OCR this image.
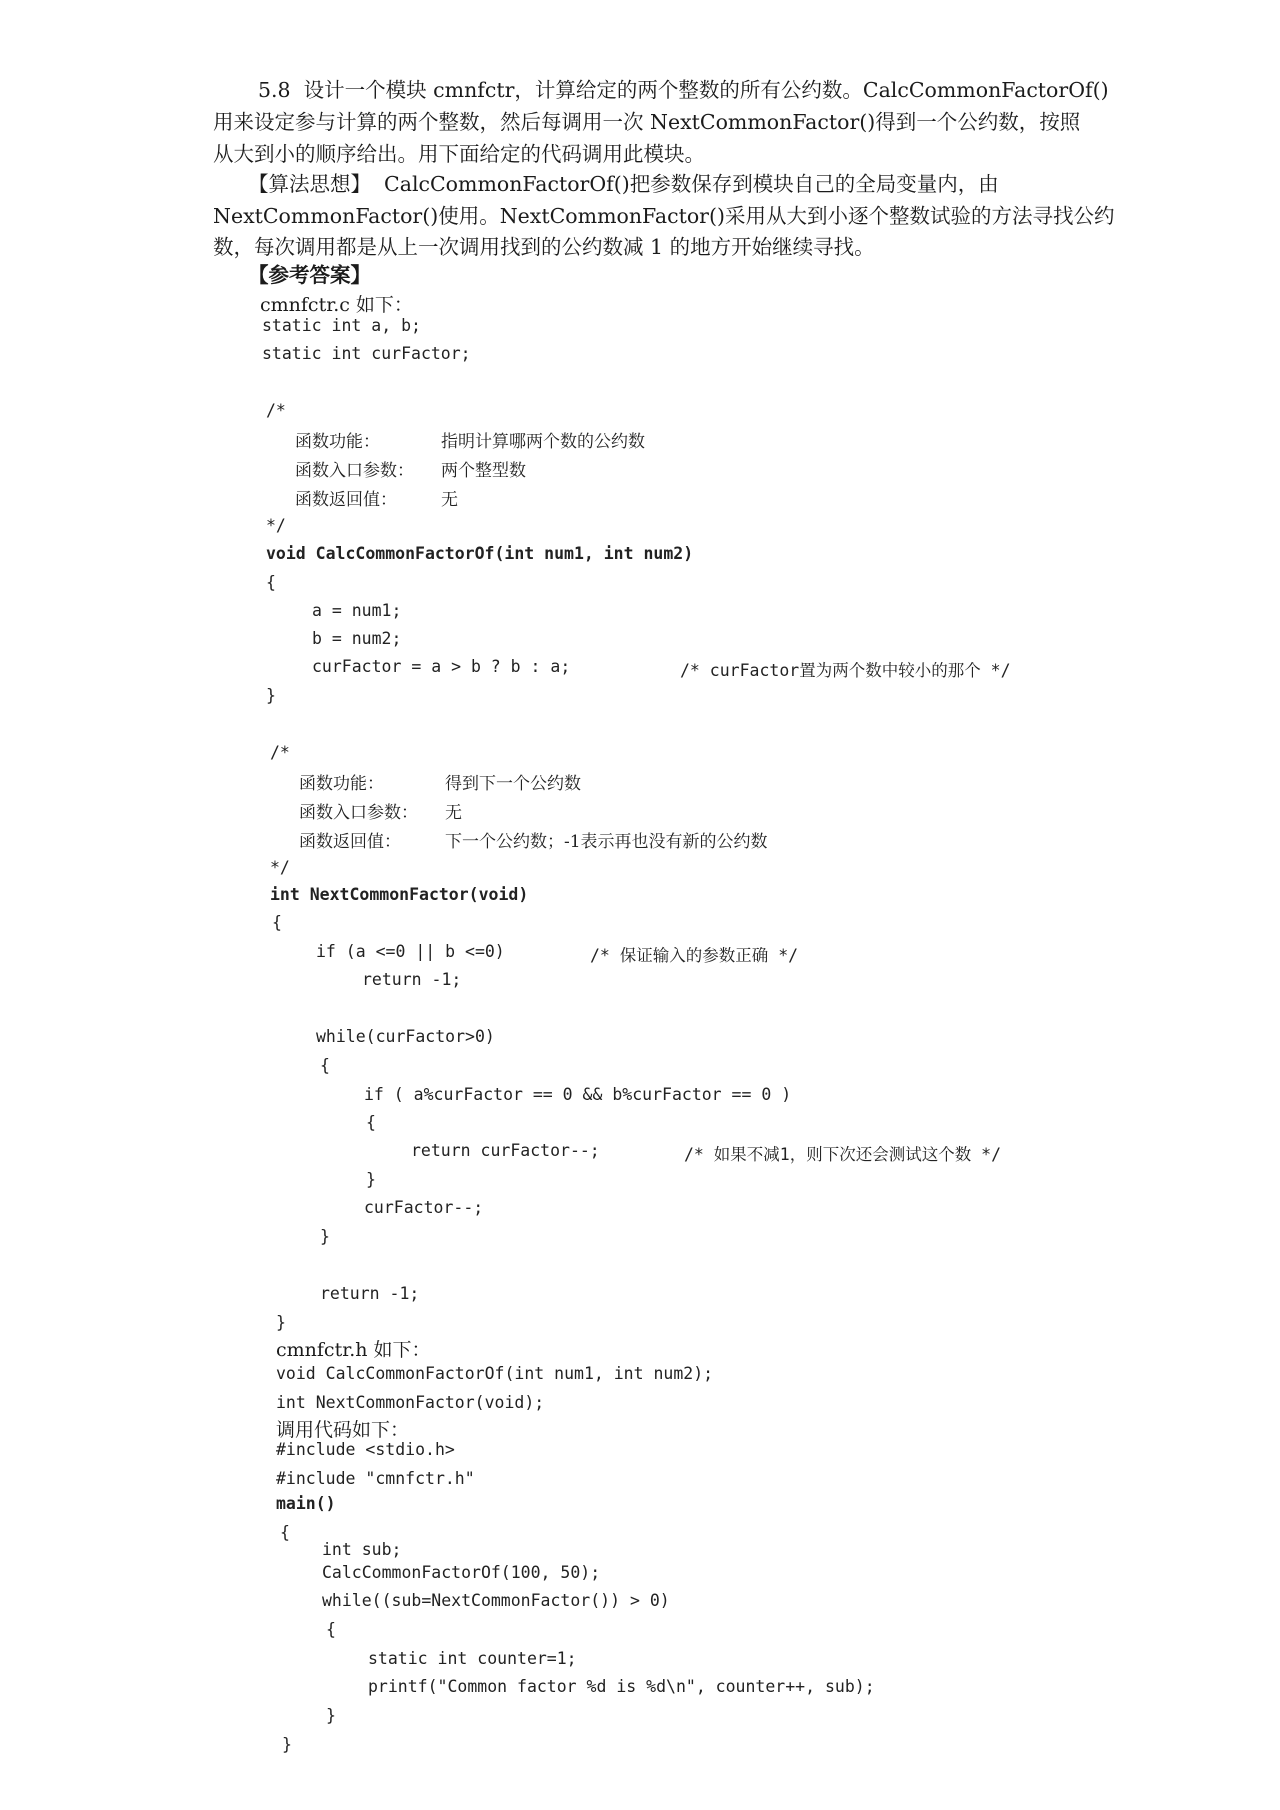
5.8  设计一个模块 cmnfctr，计算给定的两个整数的所有公约数。CalcCommonFactorOf()
用来设定参与计算的两个整数，然后每调用一次 NextCommonFactor()得到一个公约数，按照
从大到小的顺序给出。用下面给定的代码调用此模块。
【算法思想】  CalcCommonFactorOf()把参数保存到模块自己的全局变量内，由
NextCommonFactor()使用。NextCommonFactor()采用从大到小逐个整数试验的方法寻找公约
数，每次调用都是从上一次调用找到的公约数减 1 的地方开始继续寻找。
【参考答案】
cmnfctr.c 如下：
static int a, b;
static int curFactor;
/*
函数功能：	指明计算哪两个数的公约数
函数入口参数： 两个整型数
函数返回值：	无
*/
void CalcCommonFactorOf(int num1, int num2)
{
a = num1;
b = num2;
curFactor = a > b ? b : a;	/* curFactor置为两个数中较小的那个 */
}
/*
函数功能：	得到下一个公约数
函数入口参数： 无
函数返回值：	下一个公约数；-1表示再也没有新的公约数
*/
int NextCommonFactor(void)
{
if (a <=0 || b <=0)	/* 保证输入的参数正确 */
return -1;
while(curFactor>0)
{
if ( a%curFactor == 0 && b%curFactor == 0 )
{
return curFactor--;	/* 如果不减1，则下次还会测试这个数 */
}
curFactor--;
}
return -1;
}
cmnfctr.h 如下：
void CalcCommonFactorOf(int num1, int num2);
int NextCommonFactor(void);
调用代码如下：
#include <stdio.h>
#include "cmnfctr.h"
main()
{
int sub;
CalcCommonFactorOf(100, 50);
while((sub=NextCommonFactor()) > 0)
{
static int counter=1;
printf("Common factor %d is %d\n", counter++, sub);
}
}
